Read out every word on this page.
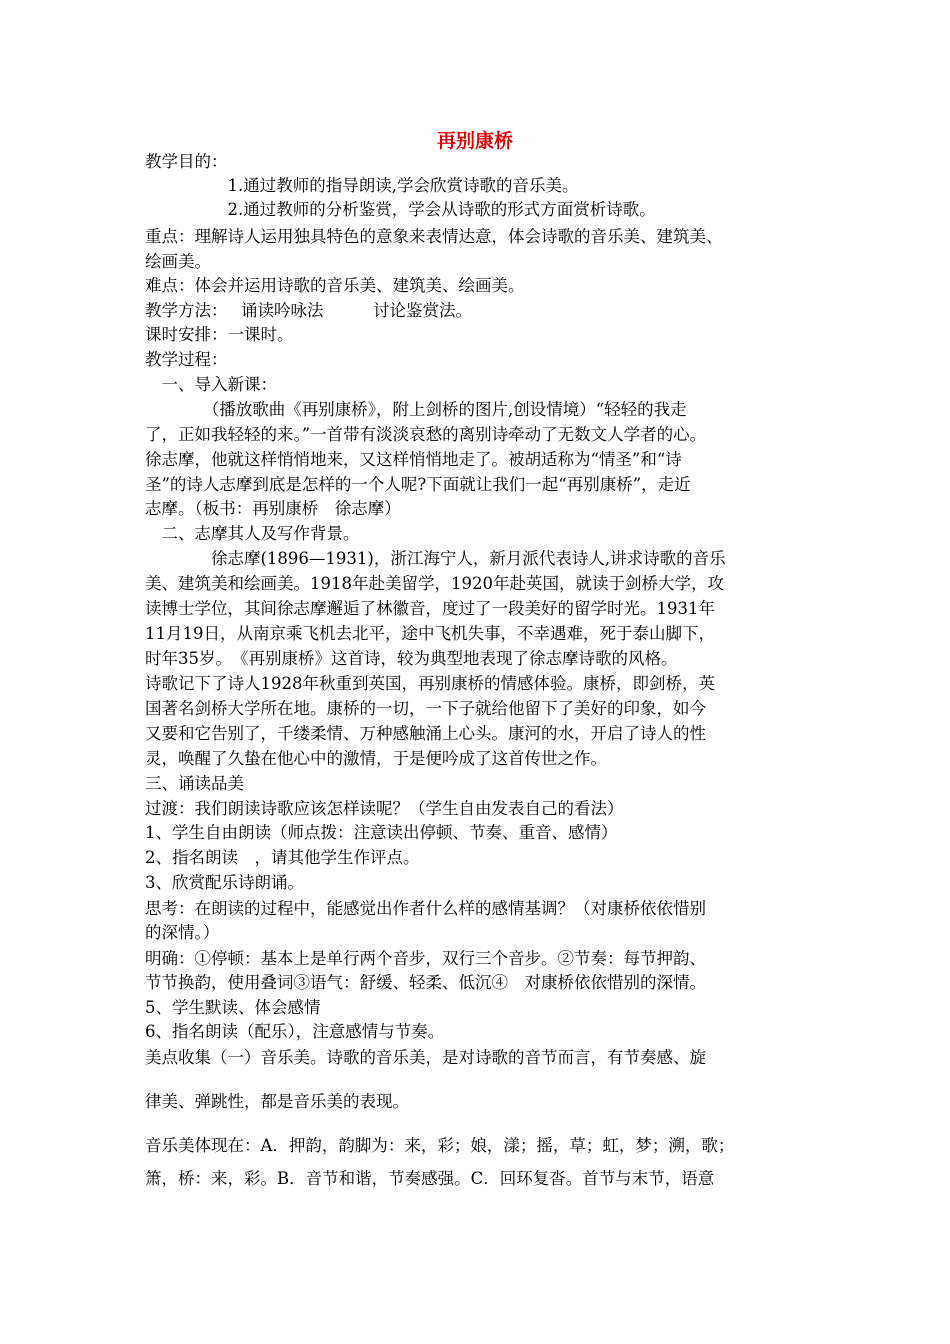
再别康桥
教学目的：
　　　　　1.通过教师的指导朗读,学会欣赏诗歌的音乐美。
　　　　　2.通过教师的分析鉴赏，学会从诗歌的形式方面赏析诗歌。
重点：理解诗人运用独具特色的意象来表情达意，体会诗歌的音乐美、建筑美、
绘画美。
难点：体会并运用诗歌的音乐美、建筑美、绘画美。
教学方法：　 诵读吟咏法　　　讨论鉴赏法。
课时安排：一课时。
教学过程：
　一、导入新课：
　　　　（播放歌曲《再别康桥》，附上剑桥的图片,创设情境）“轻轻的我走
了，正如我轻轻的来。”一首带有淡淡哀愁的离别诗牵动了无数文人学者的心。
徐志摩，他就这样悄悄地来，又这样悄悄地走了。被胡适称为“情圣”和“诗
圣”的诗人志摩到底是怎样的一个人呢?下面就让我们一起“再别康桥”，走近
志摩。（板书：再别康桥　徐志摩）
　二、志摩其人及写作背景。
　　　　徐志摩(1896—1931)，浙江海宁人，新月派代表诗人,讲求诗歌的音乐
美、建筑美和绘画美。1918年赴美留学，1920年赴英国，就读于剑桥大学，攻
读博士学位，其间徐志摩邂逅了林徽音，度过了一段美好的留学时光。1931年
11月19日，从南京乘飞机去北平，途中飞机失事，不幸遇难，死于泰山脚下，
时年35岁。　《再别康桥》这首诗，较为典型地表现了徐志摩诗歌的风格。
诗歌记下了诗人1928年秋重到英国，再别康桥的情感体验。康桥，即剑桥，英
国著名剑桥大学所在地。康桥的一切，一下子就给他留下了美好的印象，如今
又要和它告别了，千缕柔情、万种感触涌上心头。康河的水，开启了诗人的性
灵，唤醒了久蛰在他心中的激情，于是便吟成了这首传世之作。
三、诵读品美
过渡：我们朗读诗歌应该怎样读呢？（学生自由发表自己的看法）
1、学生自由朗读（师点拨：注意读出停顿、节奏、重音、感情）
2、指名朗读　，请其他学生作评点。
3、欣赏配乐诗朗诵。
思考：在朗读的过程中，能感觉出作者什么样的感情基调？（对康桥依依惜别
的深情。）
明确：①停顿：基本上是单行两个音步，双行三个音步。②节奏：每节押韵、
节节换韵，使用叠词③语气：舒缓、轻柔、低沉④　对康桥依依惜别的深情。
5、学生默读、体会感情
6、指名朗读（配乐），注意感情与节奏。
美点收集（一）音乐美。诗歌的音乐美，是对诗歌的音节而言，有节奏感、旋
律美、弹跳性，都是音乐美的表现。
音乐美体现在：A．押韵，韵脚为：来，彩；娘，漾；摇，草；虹，梦；溯，歌；
箫，桥：来，彩。B．音节和谐，节奏感强。C．回环复沓。首节与末节，语意
